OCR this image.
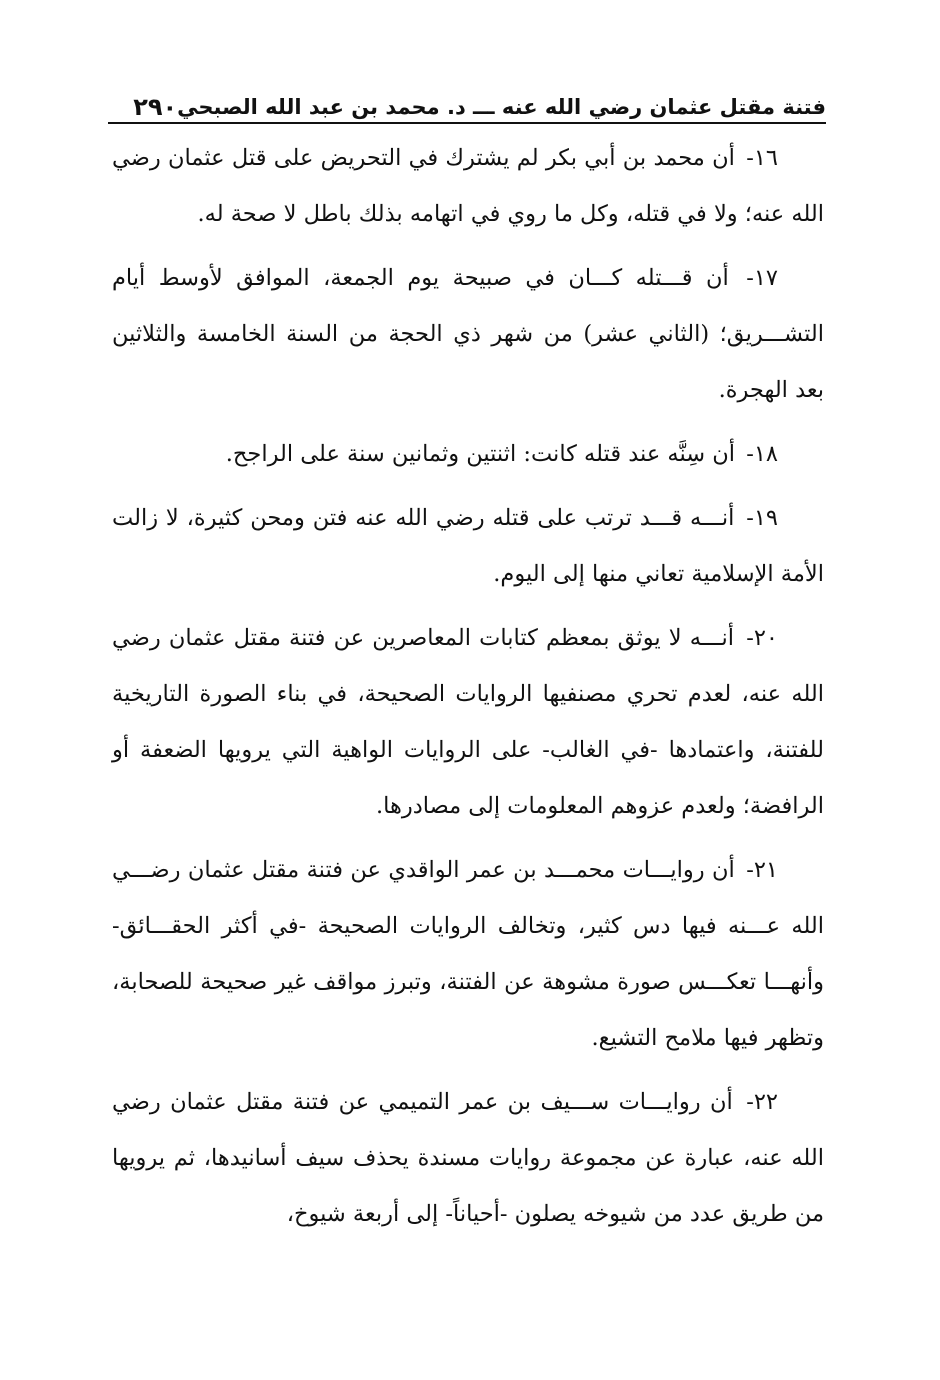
فتنة مقتل عثمان رضي الله عنه ـــ د. محمد بن عبد الله الصبحي
٢٩٠

١٦- أن محمد بن أبي بكر لم يشترك في التحريض على قتل عثمان رضي الله عنه؛ ولا في قتله، وكل ما روي في اتهامه بذلك باطل لا صحة له.

١٧- أن قـــتله كـــان في صبيحة يوم الجمعة، الموافق لأوسط أيام التشـــريق؛ (الثاني عشر) من شهر ذي الحجة من السنة الخامسة والثلاثين بعد الهجرة.

١٨- أن سِنَّه عند قتله كانت: اثنتين وثمانين سنة على الراجح.

١٩- أنـــه قـــد ترتب على قتله رضي الله عنه فتن ومحن كثيرة، لا زالت الأمة الإسلامية تعاني منها إلى اليوم.

٢٠- أنـــه لا يوثق بمعظم كتابات المعاصرين عن فتنة مقتل عثمان رضي الله عنه، لعدم تحري مصنفيها الروايات الصحيحة، في بناء الصورة التاريخية للفتنة، واعتمادها -في الغالب- على الروايات الواهية التي يرويها الضعفة أو الرافضة؛ ولعدم عزوهم المعلومات إلى مصادرها.

٢١- أن روايـــات محمـــد بن عمر الواقدي عن فتنة مقتل عثمان رضـــي الله عـــنه فيها دس كثير، وتخالف الروايات الصحيحة -في أكثر الحقـــائق- وأنهـــا تعكـــس صورة مشوهة عن الفتنة، وتبرز مواقف غير صحيحة للصحابة، وتظهر فيها ملامح التشيع.

٢٢- أن روايـــات ســـيف بن عمر التميمي عن فتنة مقتل عثمان رضي الله عنه، عبارة عن مجموعة روايات مسندة يحذف سيف أسانيدها، ثم يرويها من طريق عدد من شيوخه يصلون -أحياناً- إلى أربعة شيوخ،
